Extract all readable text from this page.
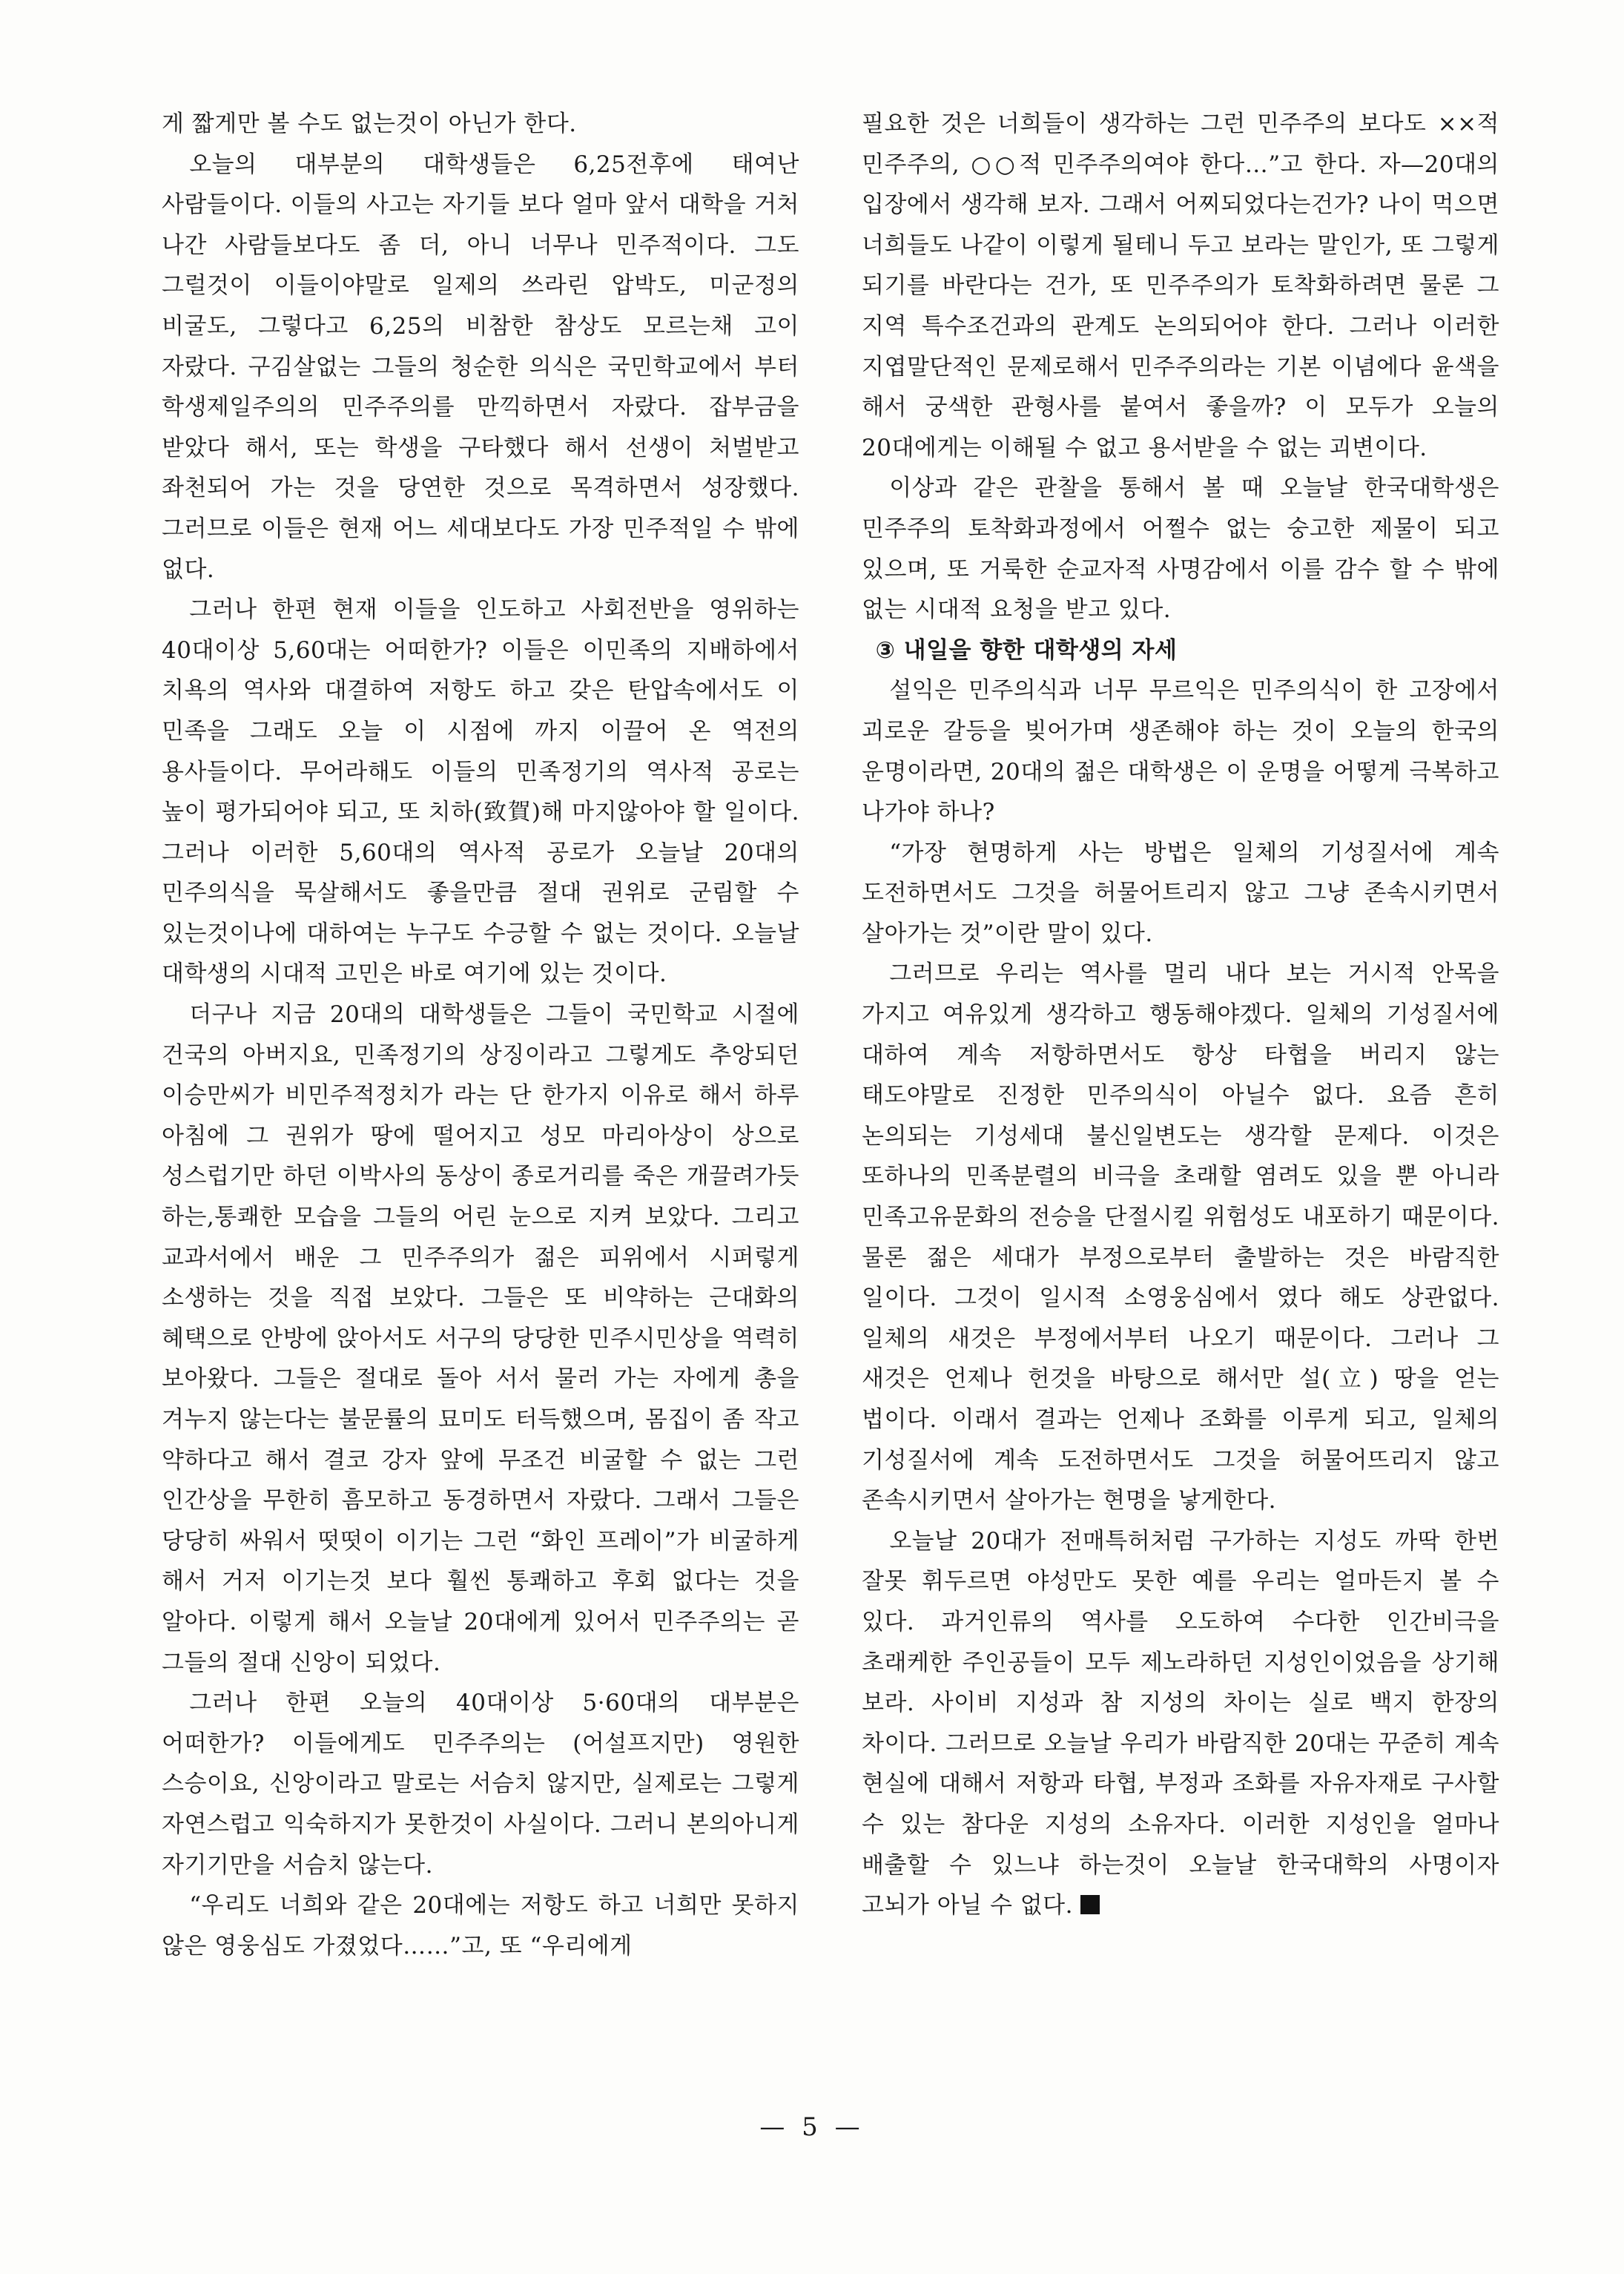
게 짧게만 볼 수도 없는것이 아닌가 한다.

오늘의 대부분의 대학생들은 6,25전후에 태여난 사람들이다. 이들의 사고는 자기들 보다 얼마 앞서 대학을 거처 나간 사람들보다도 좀 더, 아니 너무나 민주적이다. 그도 그럴것이 이들이야말로 일제의 쓰라린 압박도, 미군정의 비굴도, 그렇다고 6,25의 비참한 참상도 모르는채 고이 자랐다. 구김살없는 그들의 청순한 의식은 국민학교에서 부터 학생제일주의의 민주주의를 만끽하면서 자랐다. 잡부금을 받았다 해서, 또는 학생을 구타했다 해서 선생이 처벌받고 좌천되어 가는 것을 당연한 것으로 목격하면서 성장했다. 그러므로 이들은 현재 어느 세대보다도 가장 민주적일 수 밖에 없다.

그러나 한편 현재 이들을 인도하고 사회전반을 영위하는 40대이상 5,60대는 어떠한가? 이들은 이민족의 지배하에서 치욕의 역사와 대결하여 저항도 하고 갖은 탄압속에서도 이 민족을 그래도 오늘 이 시점에 까지 이끌어 온 역전의 용사들이다. 무어라해도 이들의 민족정기의 역사적 공로는 높이 평가되어야 되고, 또 치하(致賀)해 마지않아야 할 일이다. 그러나 이러한 5,60대의 역사적 공로가 오늘날 20대의 민주의식을 묵살해서도 좋을만큼 절대 권위로 군림할 수 있는것이나에 대하여는 누구도 수긍할 수 없는 것이다. 오늘날 대학생의 시대적 고민은 바로 여기에 있는 것이다.

더구나 지금 20대의 대학생들은 그들이 국민학교 시절에 건국의 아버지요, 민족정기의 상징이라고 그렇게도 추앙되던 이승만씨가 비민주적정치가 라는 단 한가지 이유로 해서 하루 아침에 그 권위가 땅에 떨어지고 성모 마리아상이 상으로 성스럽기만 하던 이박사의 동상이 종로거리를 죽은 개끌려가듯 하는,통쾌한 모습을 그들의 어린 눈으로 지켜 보았다. 그리고 교과서에서 배운 그 민주주의가 젊은 피위에서 시퍼렇게 소생하는 것을 직접 보았다. 그들은 또 비약하는 근대화의 혜택으로 안방에 앉아서도 서구의 당당한 민주시민상을 역력히 보아왔다. 그들은 절대로 돌아 서서 물러 가는 자에게 총을 겨누지 않는다는 불문률의 묘미도 터득했으며, 몸집이 좀 작고 약하다고 해서 결코 강자 앞에 무조건 비굴할 수 없는 그런 인간상을 무한히 흠모하고 동경하면서 자랐다. 그래서 그들은 당당히 싸워서 떳떳이 이기는 그런 “화인 프레이”가 비굴하게 해서 거저 이기는것 보다 훨씬 통쾌하고 후회 없다는 것을 알아다. 이렇게 해서 오늘날 20대에게 있어서 민주주의는 곧 그들의 절대 신앙이 되었다.

그러나 한편 오늘의 40대이상 5·60대의 대부분은 어떠한가? 이들에게도 민주주의는 (어설프지만) 영원한 스승이요, 신앙이라고 말로는 서슴치 않지만, 실제로는 그렇게 자연스럽고 익숙하지가 못한것이 사실이다. 그러니 본의아니게 자기기만을 서슴치 않는다.

“우리도 너희와 같은 20대에는 저항도 하고 너희만 못하지 않은 영웅심도 가졌었다……”고, 또 “우리에게

필요한 것은 너희들이 생각하는 그런 민주주의 보다도 ××적 민주주의, ○○적 민주주의여야 한다…”고 한다. 자—20대의 입장에서 생각해 보자. 그래서 어찌되었다는건가? 나이 먹으면 너희들도 나같이 이렇게 될테니 두고 보라는 말인가, 또 그렇게 되기를 바란다는 건가, 또 민주주의가 토착화하려면 물론 그 지역 특수조건과의 관계도 논의되어야 한다. 그러나 이러한 지엽말단적인 문제로해서 민주주의라는 기본 이념에다 윤색을 해서 궁색한 관형사를 붙여서 좋을까? 이 모두가 오늘의 20대에게는 이해될 수 없고 용서받을 수 없는 괴변이다.

이상과 같은 관찰을 통해서 볼 때 오늘날 한국대학생은 민주주의 토착화과정에서 어쩔수 없는 숭고한 제물이 되고 있으며, 또 거룩한 순교자적 사명감에서 이를 감수 할 수 밖에 없는 시대적 요청을 받고 있다.

③ 내일을 향한 대학생의 자세

설익은 민주의식과 너무 무르익은 민주의식이 한 고장에서 괴로운 갈등을 빚어가며 생존해야 하는 것이 오늘의 한국의 운명이라면, 20대의 젊은 대학생은 이 운명을 어떻게 극복하고 나가야 하나?

“가장 현명하게 사는 방법은 일체의 기성질서에 계속 도전하면서도 그것을 허물어트리지 않고 그냥 존속시키면서 살아가는 것”이란 말이 있다.

그러므로 우리는 역사를 멀리 내다 보는 거시적 안목을 가지고 여유있게 생각하고 행동해야겠다. 일체의 기성질서에 대하여 계속 저항하면서도 항상 타협을 버리지 않는 태도야말로 진정한 민주의식이 아닐수 없다. 요즘 흔히 논의되는 기성세대 불신일변도는 생각할 문제다. 이것은 또하나의 민족분렬의 비극을 초래할 염려도 있을 뿐 아니라 민족고유문화의 전승을 단절시킬 위험성도 내포하기 때문이다. 물론 젊은 세대가 부정으로부터 출발하는 것은 바람직한 일이다. 그것이 일시적 소영웅심에서 였다 해도 상관없다. 일체의 새것은 부정에서부터 나오기 때문이다. 그러나 그 새것은 언제나 헌것을 바탕으로 해서만 설(立) 땅을 얻는 법이다. 이래서 결과는 언제나 조화를 이루게 되고, 일체의 기성질서에 계속 도전하면서도 그것을 허물어뜨리지 않고 존속시키면서 살아가는 현명을 낳게한다.

오늘날 20대가 전매특허처럼 구가하는 지성도 까딱 한번 잘못 휘두르면 야성만도 못한 예를 우리는 얼마든지 볼 수 있다. 과거인류의 역사를 오도하여 수다한 인간비극을 초래케한 주인공들이 모두 제노라하던 지성인이었음을 상기해 보라. 사이비 지성과 참 지성의 차이는 실로 백지 한장의 차이다. 그러므로 오늘날 우리가 바람직한 20대는 꾸준히 계속 현실에 대해서 저항과 타협, 부정과 조화를 자유자재로 구사할 수 있는 참다운 지성의 소유자다. 이러한 지성인을 얼마나 배출할 수 있느냐 하는것이 오늘날 한국대학의 사명이자 고뇌가 아닐 수 없다.

— 5 —
